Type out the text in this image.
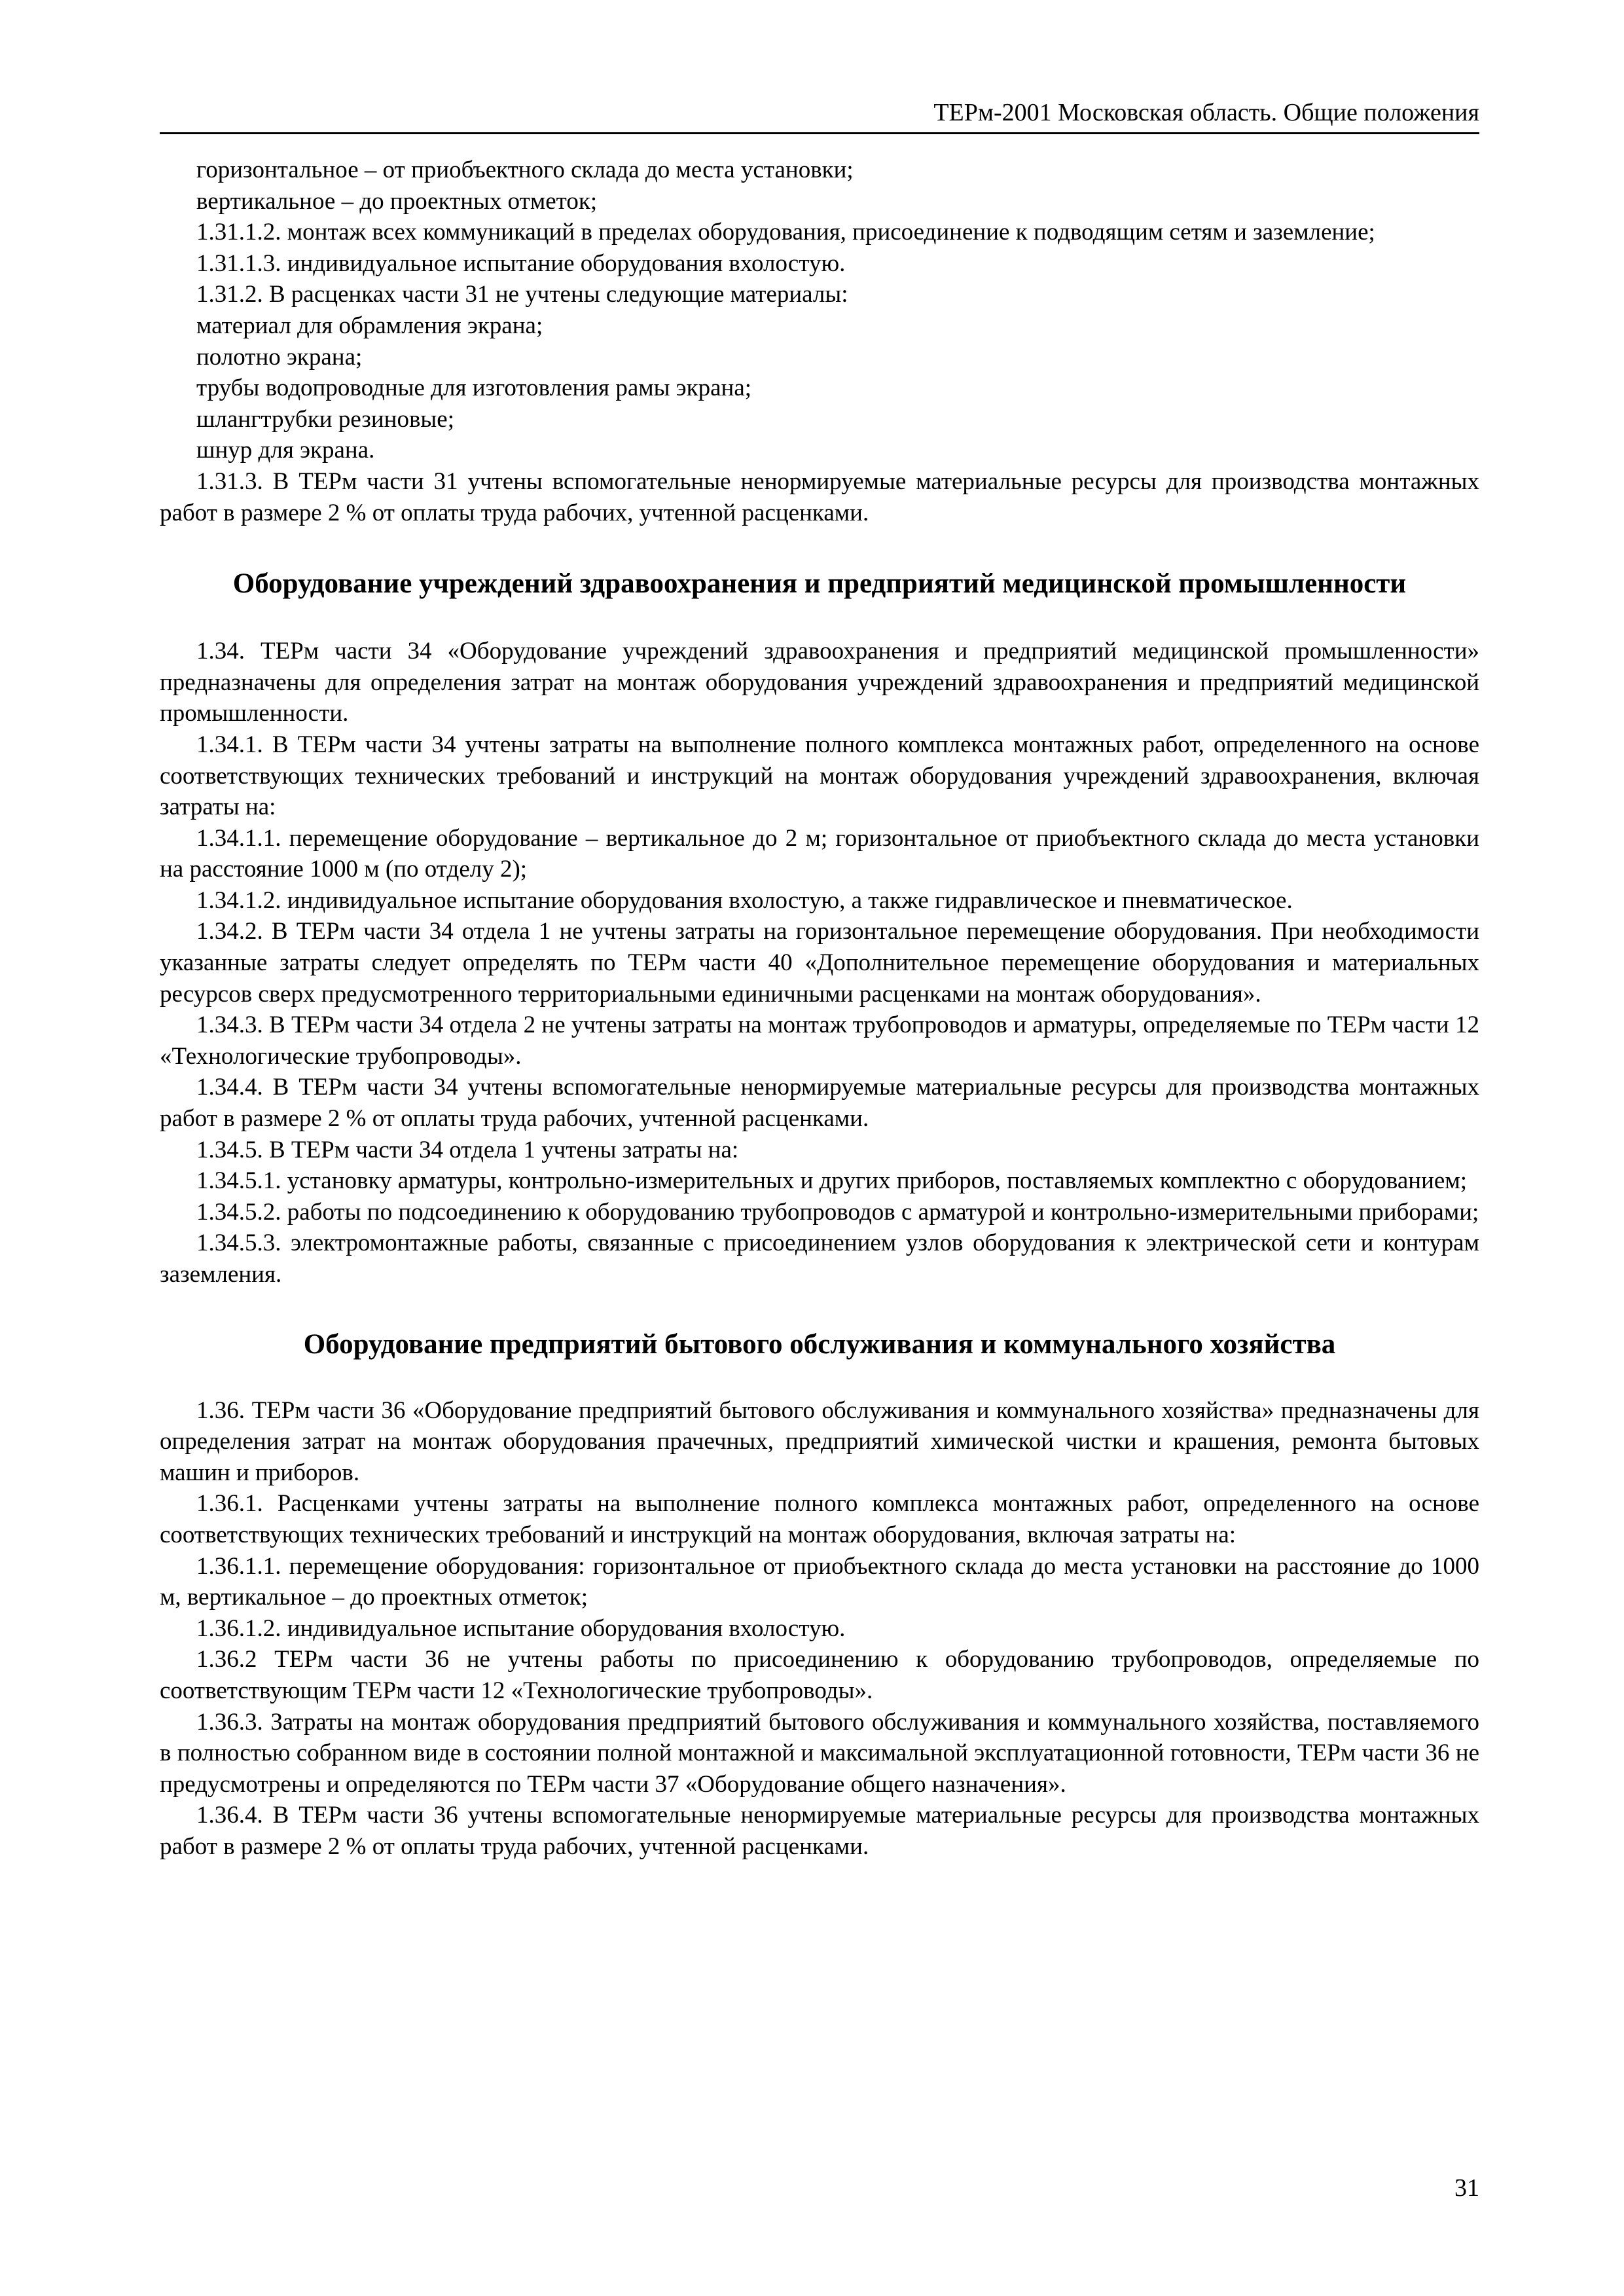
ТЕРм-2001 Московская область. Общие положения

горизонтальное – от приобъектного склада до места установки;

вертикальное – до проектных отметок;

1.31.1.2. монтаж всех коммуникаций в пределах оборудования, присоединение к подводящим сетям и заземление;

1.31.1.3. индивидуальное испытание оборудования вхолостую.

1.31.2. В расценках части 31 не учтены следующие материалы:

материал для обрамления экрана;

полотно экрана;

трубы водопроводные для изготовления рамы экрана;

шлангтрубки резиновые;

шнур для экрана.

1.31.3. В ТЕРм части 31 учтены вспомогательные ненормируемые материальные ресурсы для производства монтажных работ в размере 2 % от оплаты труда рабочих, учтенной расценками.

Оборудование учреждений здравоохранения и предприятий медицинской промышленности

1.34. ТЕРм части 34 «Оборудование учреждений здравоохранения и предприятий медицинской промышленности» предназначены для определения затрат на монтаж оборудования учреждений здравоохранения и предприятий медицинской промышленности.

1.34.1. В ТЕРм части 34 учтены затраты на выполнение полного комплекса монтажных работ, определенного на основе соответствующих технических требований и инструкций на монтаж оборудования учреждений здравоохранения, включая затраты на:

1.34.1.1. перемещение оборудование – вертикальное до 2 м; горизонтальное от приобъектного склада до места установки на расстояние 1000 м (по отделу 2);

1.34.1.2. индивидуальное испытание оборудования вхолостую, а также гидравлическое и пневматическое.

1.34.2. В ТЕРм части 34 отдела 1 не учтены затраты на горизонтальное перемещение оборудования. При необходимости указанные затраты следует определять по ТЕРм части 40 «Дополнительное перемещение оборудования и материальных ресурсов сверх предусмотренного территориальными единичными расценками на монтаж оборудования».

1.34.3. В ТЕРм части 34 отдела 2 не учтены затраты на монтаж трубопроводов и арматуры, определяемые по ТЕРм части 12 «Технологические трубопроводы».

1.34.4. В ТЕРм части 34 учтены вспомогательные ненормируемые материальные ресурсы для производства монтажных работ в размере 2 % от оплаты труда рабочих, учтенной расценками.

1.34.5. В ТЕРм части 34 отдела 1 учтены затраты на:

1.34.5.1. установку арматуры, контрольно-измерительных и других приборов, поставляемых комплектно с оборудованием;

1.34.5.2. работы по подсоединению к оборудованию трубопроводов с арматурой и контрольно-измерительными приборами;

1.34.5.3. электромонтажные работы, связанные с присоединением узлов оборудования к электрической сети и контурам заземления.

Оборудование предприятий бытового обслуживания и коммунального хозяйства

1.36. ТЕРм части 36 «Оборудование предприятий бытового обслуживания и коммунального хозяйства» предназначены для определения затрат на монтаж оборудования прачечных, предприятий химической чистки и крашения, ремонта бытовых машин и приборов.

1.36.1. Расценками учтены затраты на выполнение полного комплекса монтажных работ, определенного на основе соответствующих технических требований и инструкций на монтаж оборудования, включая затраты на:

1.36.1.1. перемещение оборудования: горизонтальное от приобъектного склада до места установки на расстояние до 1000 м, вертикальное – до проектных отметок;

1.36.1.2. индивидуальное испытание оборудования вхолостую.

1.36.2 ТЕРм части 36 не учтены работы по присоединению к оборудованию трубопроводов, определяемые по соответствующим ТЕРм части 12 «Технологические трубопроводы».

1.36.3. Затраты на монтаж оборудования предприятий бытового обслуживания и коммунального хозяйства, поставляемого в полностью собранном виде в состоянии полной монтажной и максимальной эксплуатационной готовности, ТЕРм части 36 не предусмотрены и определяются по ТЕРм части 37 «Оборудование общего назначения».

1.36.4. В ТЕРм части 36 учтены вспомогательные ненормируемые материальные ресурсы для производства монтажных работ в размере 2 % от оплаты труда рабочих, учтенной расценками.

31
